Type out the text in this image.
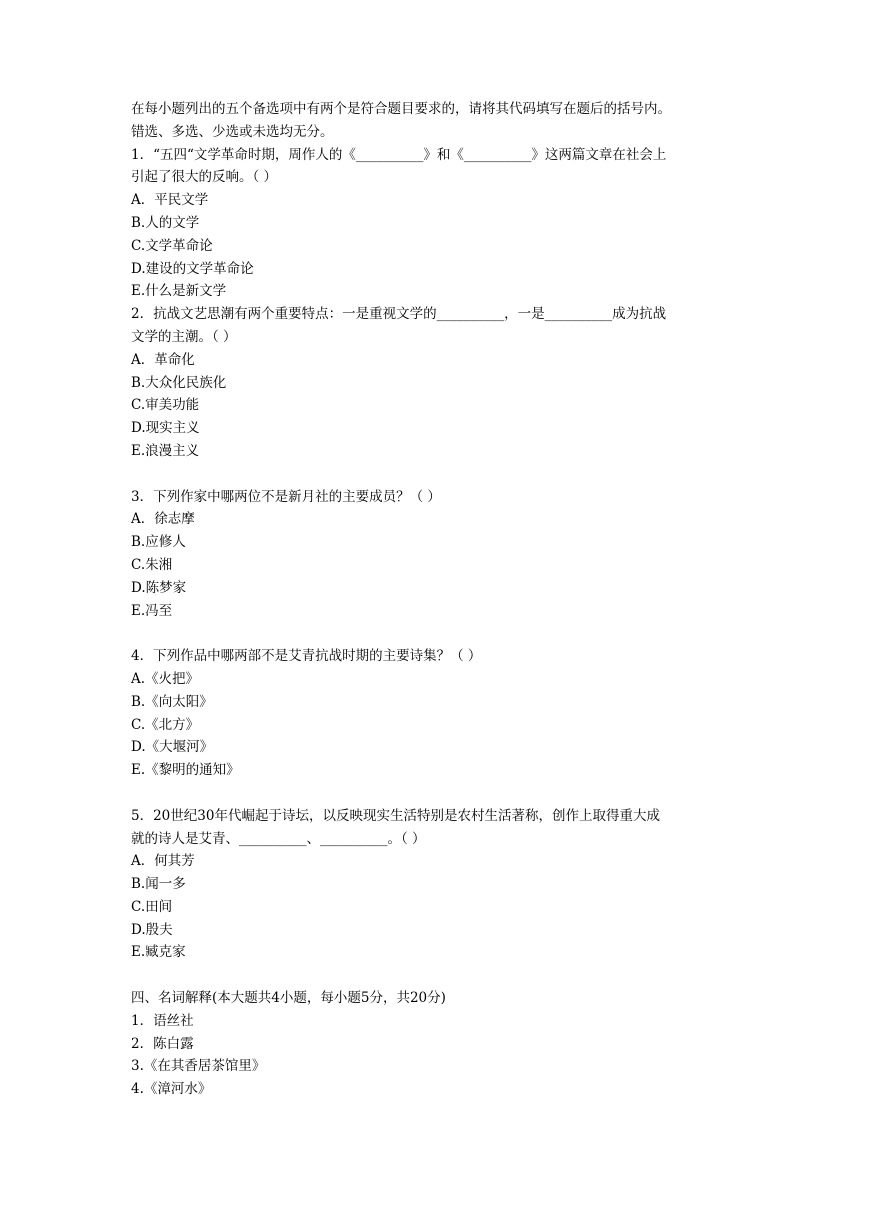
在每小题列出的五个备选项中有两个是符合题目要求的，请将其代码填写在题后的括号内。

错选、多选、少选或未选均无分。

1．“五四“文学革命时期，周作人的《__________》和《__________》这两篇文章在社会上

引起了很大的反响。（ ）

A．平民文学

B.人的文学

C.文学革命论

D.建设的文学革命论

E.什么是新文学

2．抗战文艺思潮有两个重要特点：一是重视文学的__________，一是__________成为抗战

文学的主潮。（ ）

A．革命化

B.大众化民族化

C.审美功能

D.现实主义

E.浪漫主义

3．下列作家中哪两位不是新月社的主要成员？（ ）

A．徐志摩

B.应修人

C.朱湘

D.陈梦家

E.冯至

4．下列作品中哪两部不是艾青抗战时期的主要诗集？（ ）

A.《火把》

B.《向太阳》

C.《北方》

D.《大堰河》

E.《黎明的通知》

5．20世纪30年代崛起于诗坛，以反映现实生活特别是农村生活著称，创作上取得重大成

就的诗人是艾青、__________、__________。（ ）

A．何其芳

B.闻一多

C.田间

D.殷夫

E.臧克家

四、名词解释(本大题共4小题，每小题5分，共20分)

1．语丝社

2．陈白露

3.《在其香居茶馆里》

4.《漳河水》
